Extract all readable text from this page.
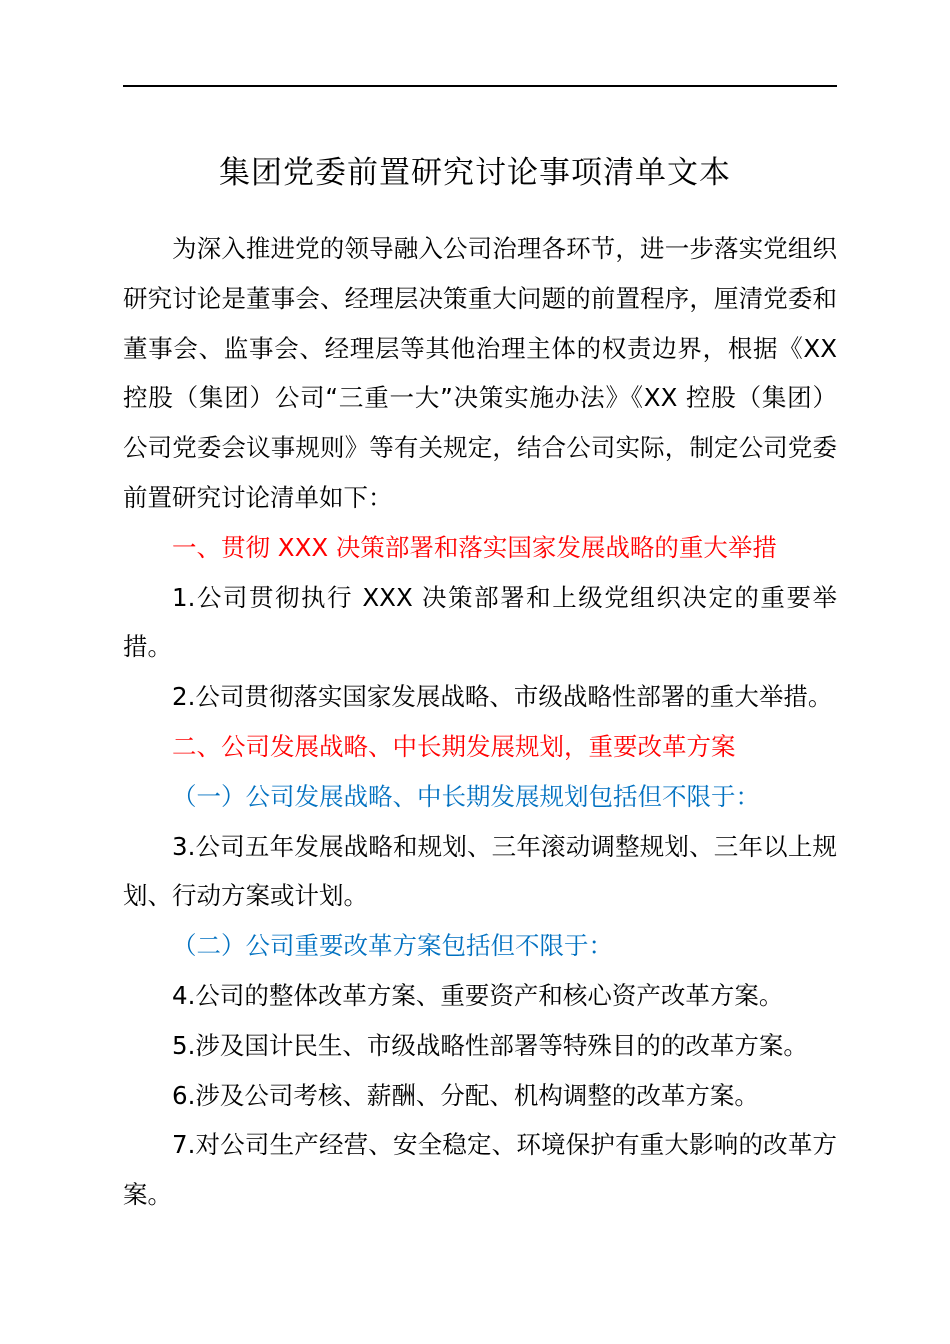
集团党委前置研究讨论事项清单文本

为深入推进党的领导融入公司治理各环节，进一步落实党组织研究讨论是董事会、经理层决策重大问题的前置程序，厘清党委和董事会、监事会、经理层等其他治理主体的权责边界，根据《XX 控股（集团）公司“三重一大”决策实施办法》《XX 控股（集团）公司党委会议事规则》等有关规定，结合公司实际，制定公司党委前置研究讨论清单如下：

一、贯彻 XXX 决策部署和落实国家发展战略的重大举措

1.公司贯彻执行 XXX 决策部署和上级党组织决定的重要举措。

2.公司贯彻落实国家发展战略、市级战略性部署的重大举措。

二、公司发展战略、中长期发展规划，重要改革方案

（一）公司发展战略、中长期发展规划包括但不限于：

3.公司五年发展战略和规划、三年滚动调整规划、三年以上规划、行动方案或计划。

（二）公司重要改革方案包括但不限于：

4.公司的整体改革方案、重要资产和核心资产改革方案。

5.涉及国计民生、市级战略性部署等特殊目的的改革方案。

6.涉及公司考核、薪酬、分配、机构调整的改革方案。

7.对公司生产经营、安全稳定、环境保护有重大影响的改革方案。
